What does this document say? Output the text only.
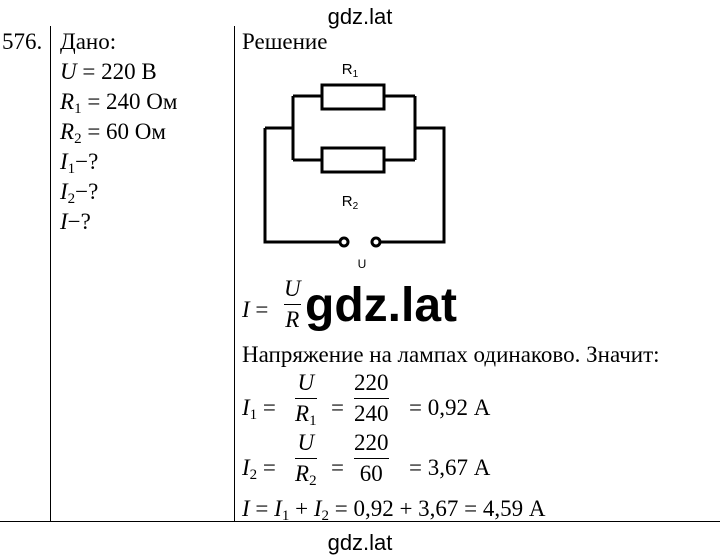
gdz.lat
576. Дано:
U = 220 В
$R_1 = 240$ Ом
$R_2 = 60$ Ом
$I_1-$?
$I_2-$?
I−?
Решение
$R_1$
$R_2$
U
I =
U
R gdz.lat
Напряжение на лампах одинаково. Значит:
$I_1$ =
U
$R_1$
=
220
240 = 0,92 А
$I_2$ =
U
$R_2$
=
220
60 = 3,67 А
$I = I_1 + I_2 = 0,92 + 3,67 = 4,59$ А
gdz.lat
